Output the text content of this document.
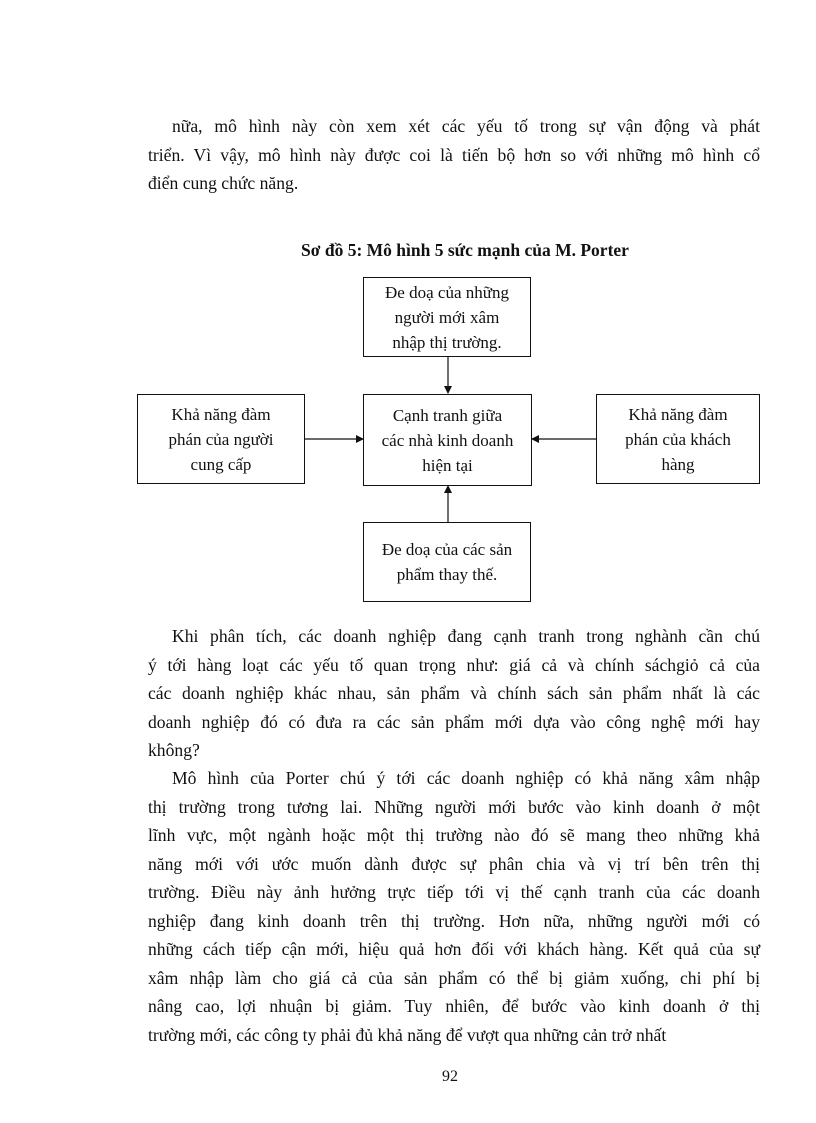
nữa, mô hình này còn xem xét các yếu tố trong sự vận động và phát
triển. Vì vậy, mô hình này được coi là tiến bộ hơn so với những mô hình cổ
điển cung chức năng.
Sơ đồ 5: Mô hình 5 sức mạnh của M. Porter
Đe doạ của những
người mới xâm
nhập thị trường.
Khả năng đàm
phán của người
cung cấp
Cạnh tranh giữa
các nhà kinh doanh
hiện tại
Khả năng đàm
phán của khách
hàng
Đe doạ của các sản
phẩm thay thế.
Khi phân tích, các doanh nghiệp đang cạnh tranh trong nghành cần chú
ý tới hàng loạt các yếu tố quan trọng như: giá cả và chính sáchgiỏ cả của
các doanh nghiệp khác nhau, sản phẩm và chính sách sản phẩm nhất là các
doanh nghiệp đó có đưa ra các sản phẩm mới dựa vào công nghệ mới hay
không?
Mô hình của Porter chú ý tới các doanh nghiệp có khả năng xâm nhập
thị trường trong tương lai. Những người mới bước vào kinh doanh ở một
lĩnh vực, một ngành hoặc một thị trường nào đó sẽ mang theo những khả
năng mới với ước muốn dành được sự phân chia và vị trí bên trên thị
trường. Điều này ảnh hưởng trực tiếp tới vị thế cạnh tranh của các doanh
nghiệp đang kinh doanh trên thị trường. Hơn nữa, những người mới có
những cách tiếp cận mới, hiệu quả hơn đối với khách hàng. Kết quả của sự
xâm nhập làm cho giá cả của sản phẩm có thể bị giảm xuống, chi phí bị
nâng cao, lợi nhuận bị giảm. Tuy nhiên, để bước vào kinh doanh ở thị
trường mới, các công ty phải đủ khả năng để vượt qua những cản trở nhất
92
